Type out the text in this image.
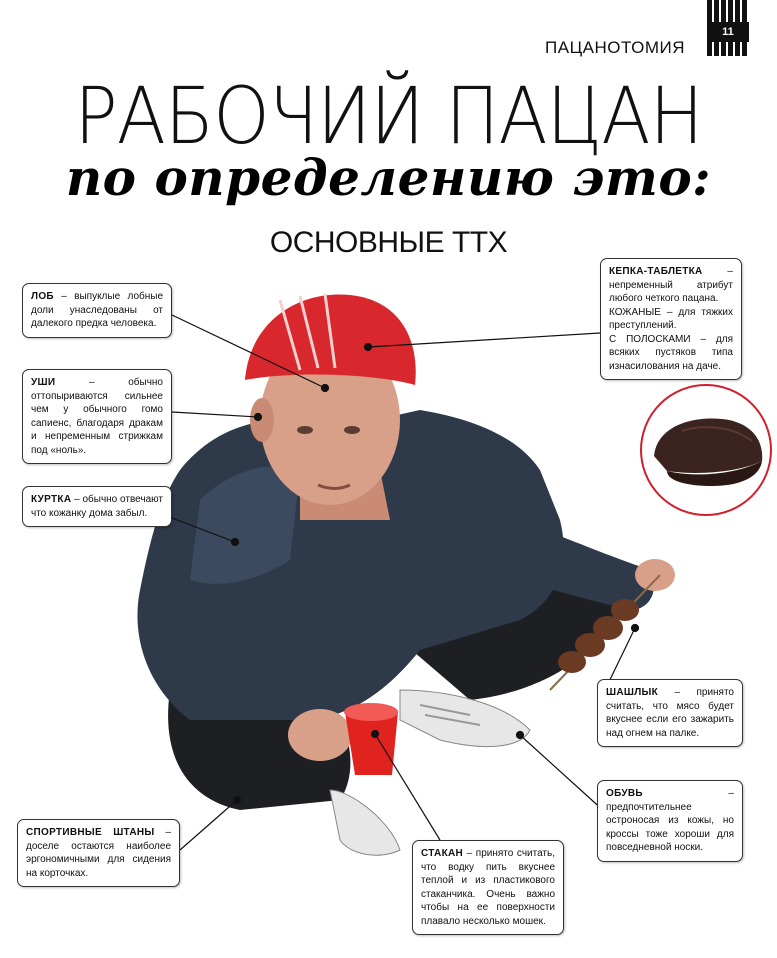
ПАЦАНОТОМИЯ
11
РАБОЧИЙ ПАЦАН
по определению это:
ОСНОВНЫЕ ТТХ
ЛОБ – выпуклые лобные доли унаследованы от далекого предка человека.
УШИ – обычно оттопыриваются сильнее чем у обычного гомо сапиенс, благодаря дракам и непременным стрижкам под «ноль».
КУРТКА – обычно отвечают что кожанку дома забыл.
КЕПКА-ТАБЛЕТКА – непременный атрибут любого четкого пацана.
КОЖАНЫЕ – для тяжких преступлений.
С ПОЛОСКАМИ – для всяких пустяков типа изнасилования на даче.
ШАШЛЫК – принято считать, что мясо будет вкуснее если его зажарить над огнем на палке.
ОБУВЬ – предпочтительнее остроносая из кожы, но кроссы тоже хороши для повседневной носки.
СПОРТИВНЫЕ ШТАНЫ – доселе остаются наиболее эргономичными для сидения на корточках.
СТАКАН – принято считать, что водку пить вкуснее теплой и из пластикового стаканчика. Очень важно чтобы на ее поверхности плавало несколько мошек.
